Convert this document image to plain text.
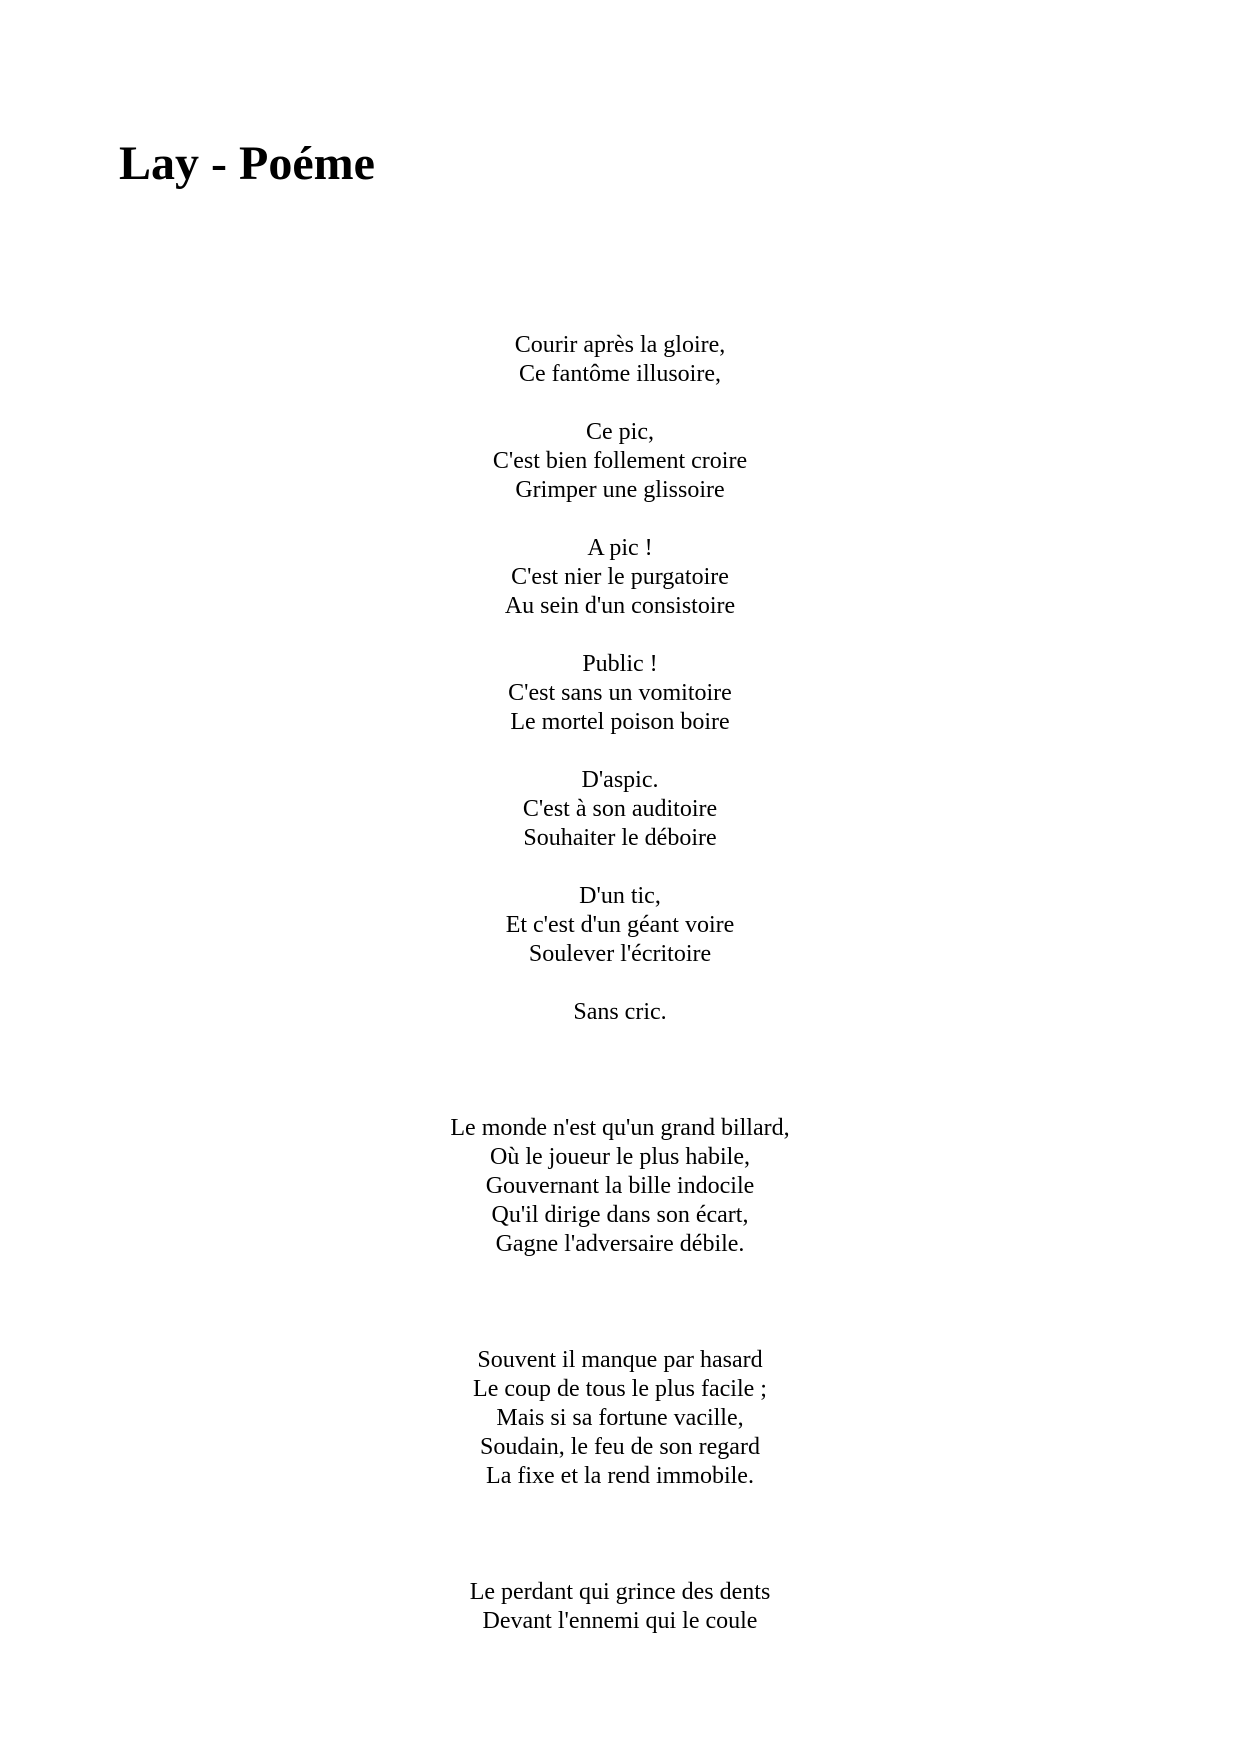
Lay - Poéme
Courir après la gloire,
Ce fantôme illusoire,
Ce pic,
C'est bien follement croire
Grimper une glissoire
A pic !
C'est nier le purgatoire
Au sein d'un consistoire
Public !
C'est sans un vomitoire
Le mortel poison boire
D'aspic.
C'est à son auditoire
Souhaiter le déboire
D'un tic,
Et c'est d'un géant voire
Soulever l'écritoire
Sans cric.
Le monde n'est qu'un grand billard,
Où le joueur le plus habile,
Gouvernant la bille indocile
Qu'il dirige dans son écart,
Gagne l'adversaire débile.
Souvent il manque par hasard
Le coup de tous le plus facile ;
Mais si sa fortune vacille,
Soudain, le feu de son regard
La fixe et la rend immobile.
Le perdant qui grince des dents
Devant l'ennemi qui le coule
